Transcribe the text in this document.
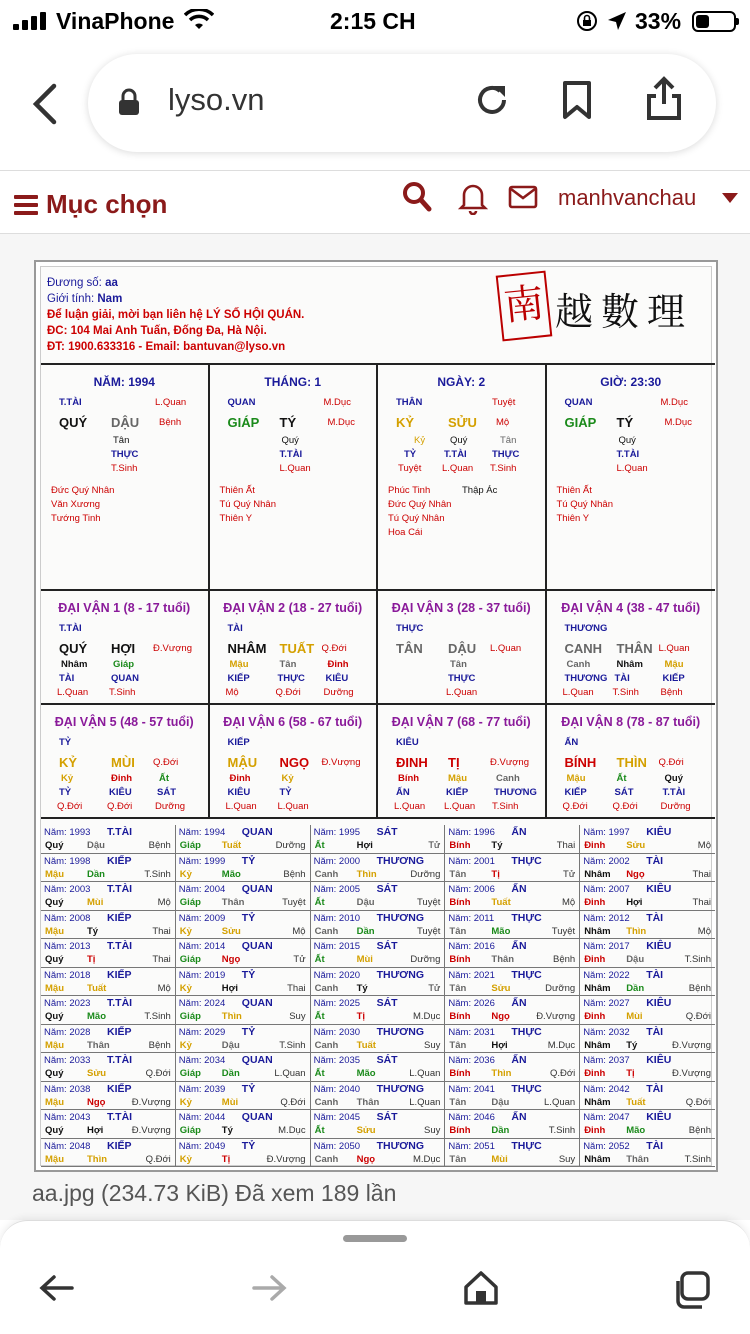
VinaPhone	2:15 CH	33%
lyso.vn
Mục chọn	manhvanchau
Đương số: aa
Giới tính: Nam
Để luận giải, mời bạn liên hệ LÝ SỐ HỘI QUÁN.
ĐC: 104 Mai Anh Tuấn, Đống Đa, Hà Nội.
ĐT: 1900.633316 - Email: bantuvan@lyso.vn
南 越數理
NĂM: 1994
T.TÀI	L.Quan
QUÝ DẬU Bệnh
Tân
THỰC
T.Sinh
Đức Quý Nhân
Văn Xương
Tướng Tinh
THÁNG: 1
QUAN	M.Dục
GIÁP TÝ	M.Dục
Quý
T.TÀI
L.Quan
Thiên Ất
Tú Quý Nhân
Thiên Y
NGÀY: 2
THÂN	Tuyệt
KỶ	SỬU Mộ
Kỷ	Quý	Tân
TỶ	T.TÀI	THỰC
Tuyệt L.Quan T.Sinh
Thập Ác
Phúc Tinh
Đức Quý Nhân
Tú Quý Nhân
Hoa Cái
GIỜ: 23:30
QUAN	M.Dục
GIÁP TÝ	M.Dục
Quý
T.TÀI
L.Quan
Thiên Ất
Tú Quý Nhân
Thiên Y
ĐẠI VẬN 1 (8 - 17 tuổi)
T.TÀI
QUÝ HỢI Đ.Vượng
Nhâm	Giáp
TÀI	QUAN
L.Quan T.Sinh
ĐẠI VẬN 2 (18 - 27 tuổi)
TÀI
NHÂM TUẤT Q.Đới
Mậu	Tân	Đinh
KIẾP	THỰC KIÊU
Mộ	Q.Đới Dưỡng
ĐẠI VẬN 3 (28 - 37 tuổi)
THỰC
TÂN DẬU L.Quan
Tân
THỰC
L.Quan
ĐẠI VẬN 4 (38 - 47 tuổi)
THƯƠNG
CANH THÂN L.Quan
Canh	Nhâm Mậu
THƯƠNG TÀI	KIẾP
L.Quan T.Sinh Bệnh
ĐẠI VẬN 5 (48 - 57 tuổi)
TỶ
KỶ	MÙI Q.Đới
Kỷ	Đinh	Ất
TỶ	KIÊU	SÁT
Q.Đới	Q.Đới Dưỡng
ĐẠI VẬN 6 (58 - 67 tuổi)
KIẾP
MẬU NGỌ Đ.Vượng
Đinh	Kỷ
KIÊU	TỶ
L.Quan L.Quan
ĐẠI VẬN 7 (68 - 77 tuổi)
KIÊU
ĐINH TỊ	Đ.Vượng
Bính	Mậu	Canh
ẤN	KIẾP	THƯƠNG
L.Quan L.Quan T.Sinh
ĐẠI VẬN 8 (78 - 87 tuổi)
ẤN
BÍNH THÌN Q.Đới
Mậu	Ất	Quý
KIẾP	SÁT	T.TÀI
Q.Đới	Q.Đới Dưỡng
Năm: 1993 T.TÀI
Quý Dậu	Bệnh
Năm: 1994 QUAN
Giáp Tuất	Dưỡng
Năm: 1995 SÁT
Ất	Hợi	Tử
Năm: 1996 ẤN
Bính Tý	Thai
Năm: 1997 KIÊU
Đinh Sửu	Mộ
Năm: 1998 KIẾP
Mậu Dần	T.Sinh
Năm: 1999 TỶ
Kỷ	Mão	Bệnh
Năm: 2000 THƯƠNG
Canh Thìn	Dưỡng
Năm: 2001 THỰC
Tân	Tị	Tử
Năm: 2002 TÀI
Nhâm Ngọ	Thai
Năm: 2003 T.TÀI
Quý Mùi	Mộ
Năm: 2004 QUAN
Giáp Thân	Tuyệt
Năm: 2005 SÁT
Ất	Dậu	Tuyệt
Năm: 2006 ẤN
Bính Tuất	Mộ
Năm: 2007 KIÊU
Đinh Hợi	Thai
Năm: 2008 KIẾP
Mậu Tý	Thai
Năm: 2009 TỶ
Kỷ	Sửu	Mộ
Năm: 2010 THƯƠNG
Canh Dần	Tuyệt
Năm: 2011 THỰC
Tân	Mão	Tuyệt
Năm: 2012 TÀI
Nhâm Thìn	Mộ
Năm: 2013 T.TÀI
Quý Tị	Thai
Năm: 2014 QUAN
Giáp Ngọ	Tử
Năm: 2015 SÁT
Ất	Mùi	Dưỡng
Năm: 2016 ẤN
Bính Thân	Bệnh
Năm: 2017 KIÊU
Đinh Dậu	T.Sinh
Năm: 2018 KIẾP
Mậu Tuất	Mộ
Năm: 2019 TỶ
Kỷ	Hợi	Thai
Năm: 2020 THƯƠNG
Canh Tý	Tử
Năm: 2021 THỰC
Tân	Sửu	Dưỡng
Năm: 2022 TÀI
Nhâm Dần	Bệnh
Năm: 2023 T.TÀI
Quý Mão	T.Sinh
Năm: 2024 QUAN
Giáp Thìn	Suy
Năm: 2025 SÁT
Ất	Tị	M.Dục
Năm: 2026 ẤN
Bính Ngọ	Đ.Vượng
Năm: 2027 KIÊU
Đinh Mùi	Q.Đới
Năm: 2028 KIẾP
Mậu Thân	Bệnh
Năm: 2029 TỶ
Kỷ	Dậu	T.Sinh
Năm: 2030 THƯƠNG
Canh Tuất	Suy
Năm: 2031 THỰC
Tân	Hợi	M.Dục
Năm: 2032 TÀI
Nhâm Tý	Đ.Vượng
Năm: 2033 T.TÀI
Quý Sửu	Q.Đới
Năm: 2034 QUAN
Giáp Dần	L.Quan
Năm: 2035 SÁT
Ất	Mão	L.Quan
Năm: 2036 ẤN
Bính Thìn	Q.Đới
Năm: 2037 KIÊU
Đinh Tị	Đ.Vượng
Năm: 2038 KIẾP
Mậu Ngọ	Đ.Vượng
Năm: 2039 TỶ
Kỷ	Mùi	Q.Đới
Năm: 2040 THƯƠNG
Canh Thân	L.Quan
Năm: 2041 THỰC
Tân	Dậu	L.Quan
Năm: 2042 TÀI
Nhâm Tuất	Q.Đới
Năm: 2043 T.TÀI
Quý Hợi	Đ.Vượng
Năm: 2044 QUAN
Giáp Tý	M.Dục
Năm: 2045 SÁT
Ất	Sửu	Suy
Năm: 2046 ẤN
Bính Dần	T.Sinh
Năm: 2047 KIÊU
Đinh Mão	Bệnh
Năm: 2048 KIẾP
Mậu Thìn	Q.Đới
Năm: 2049 TỶ
Kỷ	Tị	Đ.Vượng
Năm: 2050 THƯƠNG
Canh Ngọ	M.Dục
Năm: 2051 THỰC
Tân	Mùi	Suy
Năm: 2052 TÀI
Nhâm Thân	T.Sinh
aa.jpg (234.73 KiB) Đã xem 189 lần
